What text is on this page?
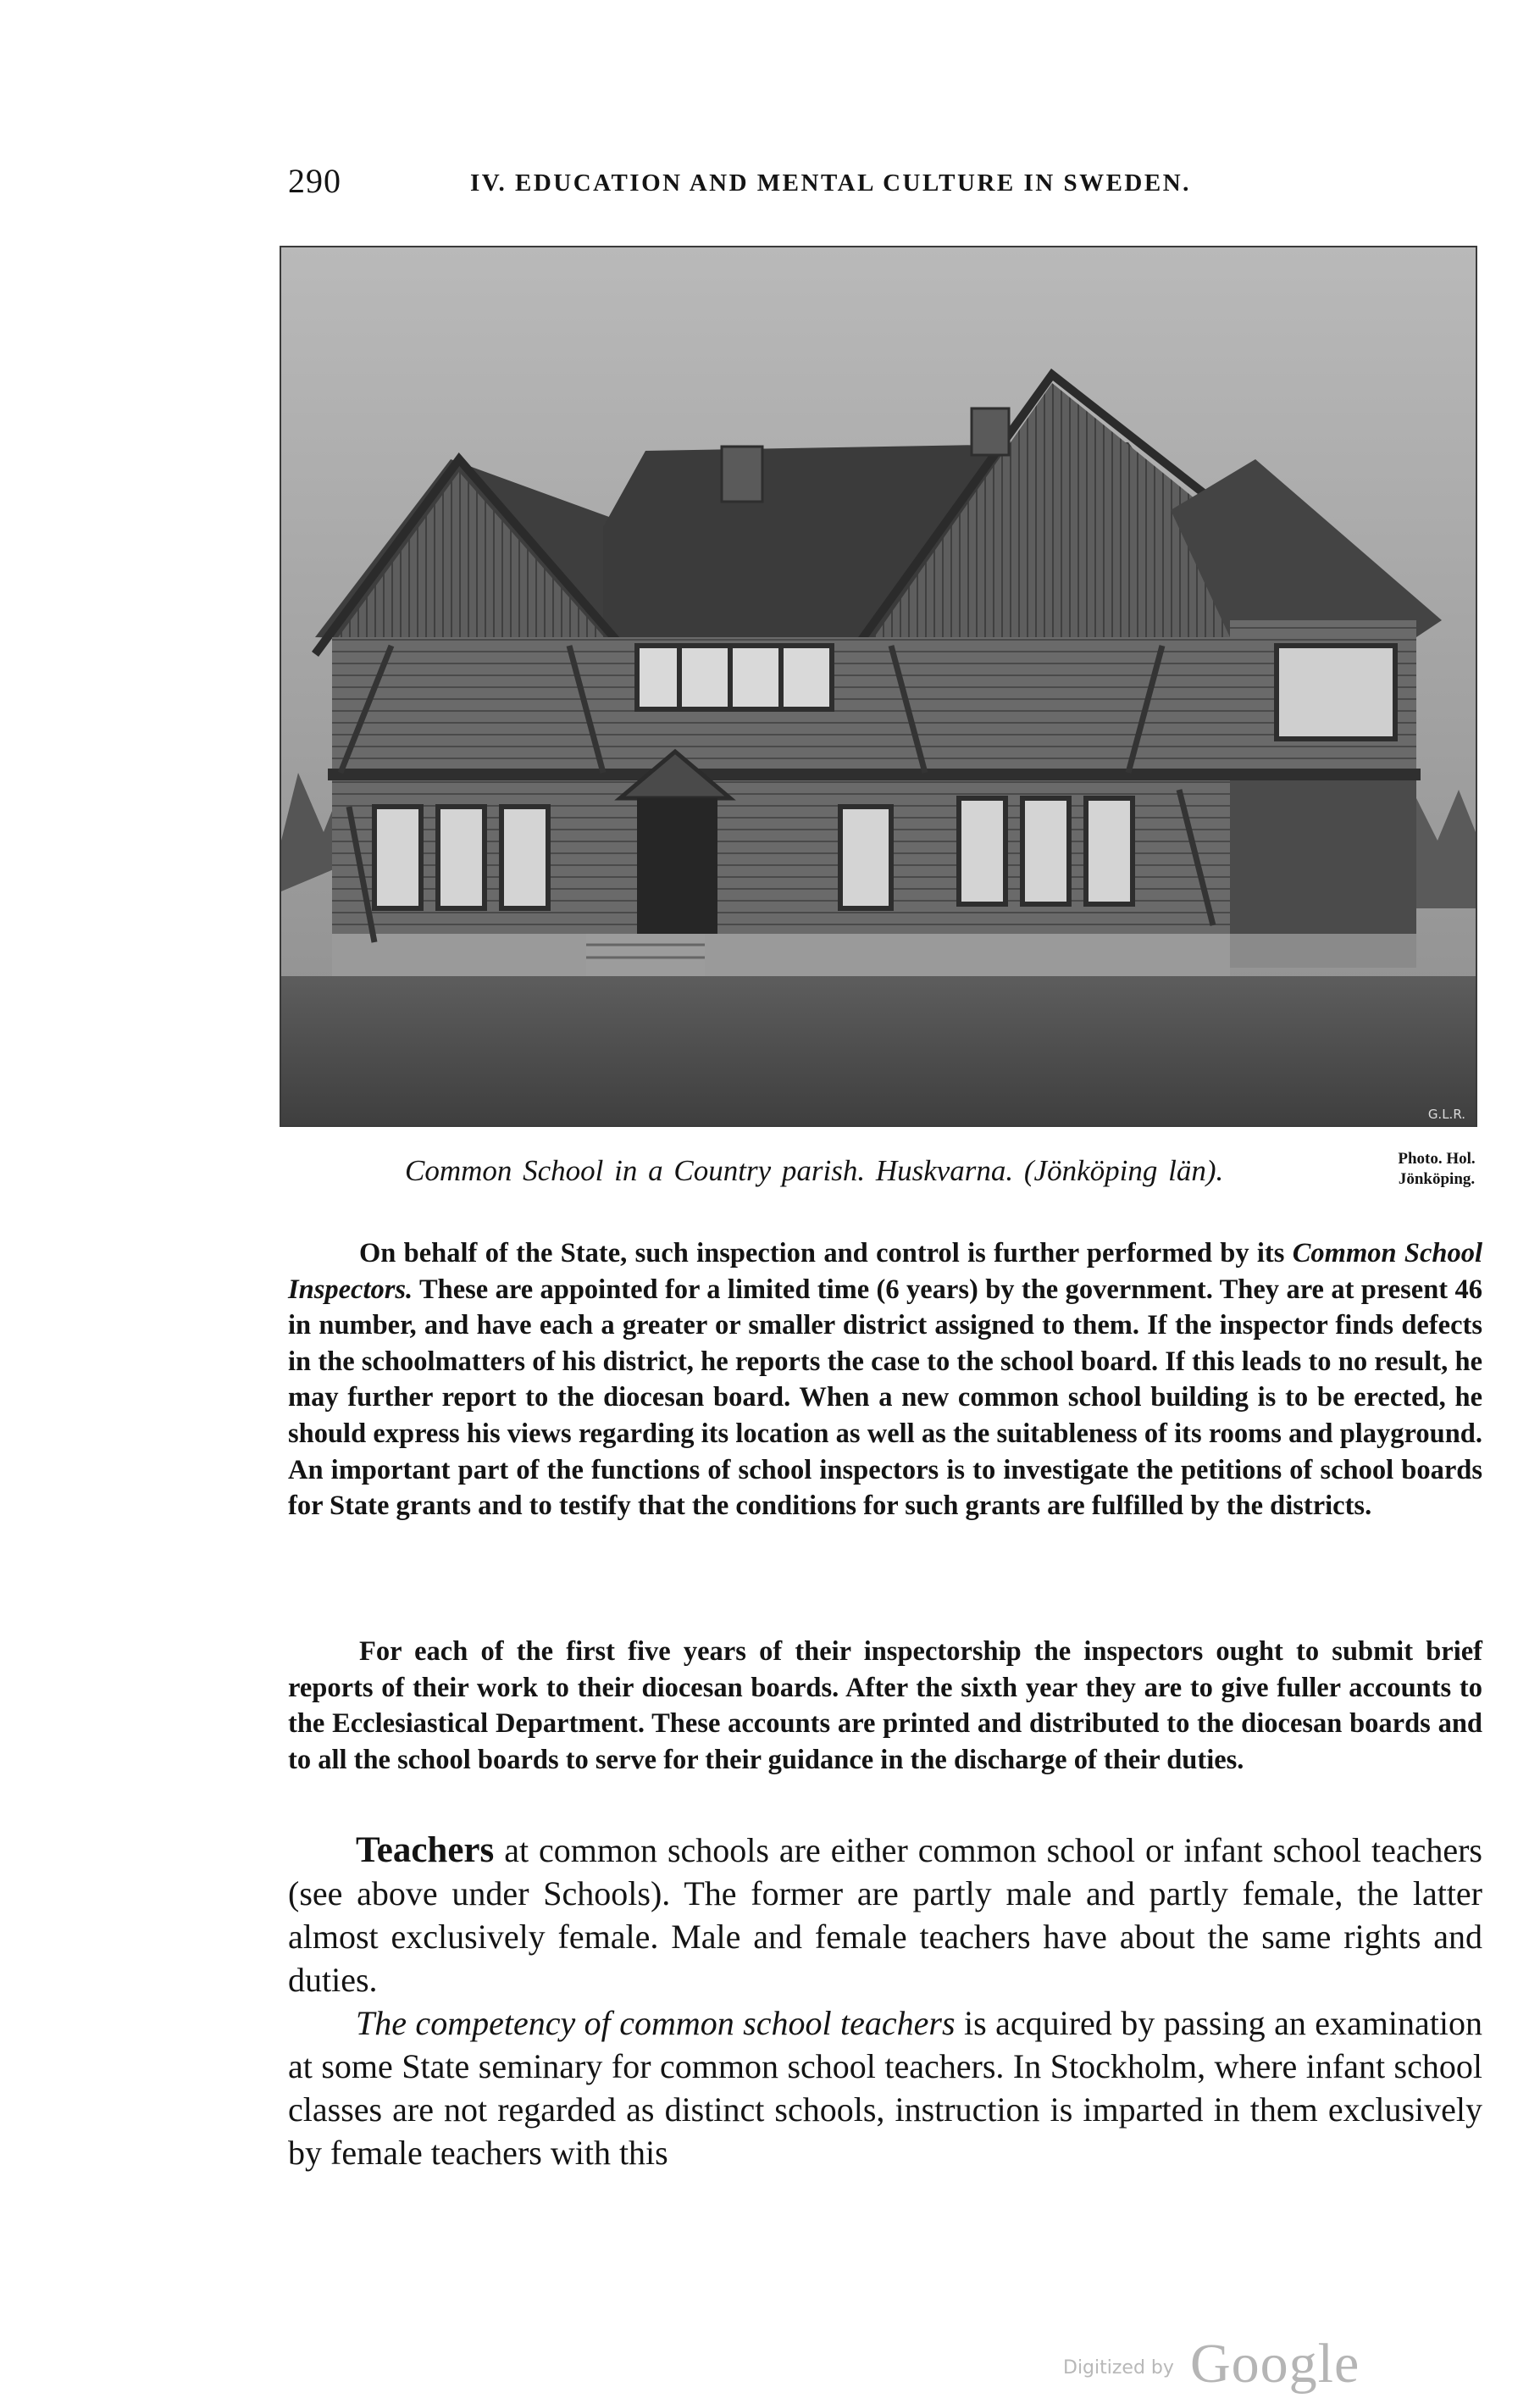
290	IV. EDUCATION AND MENTAL CULTURE IN SWEDEN.
G.L.R.
Common School in a Country parish. Huskvarna. (Jönköping län).	Photo. Hol.
Jönköping.

On behalf of the State, such inspection and control is further performed by its Common School Inspectors. These are appointed for a limited time (6 years) by the government. They are at present 46 in number, and have each a greater or smaller district assigned to them. If the inspector finds defects in the schoolmatters of his district, he reports the case to the school board. If this leads to no result, he may further report to the diocesan board. When a new common school building is to be erected, he should express his views regarding its location as well as the suitableness of its rooms and playground. An important part of the functions of school inspectors is to investigate the petitions of school boards for State grants and to testify that the conditions for such grants are fulfilled by the districts.

For each of the first five years of their inspectorship the inspectors ought to submit brief reports of their work to their diocesan boards. After the sixth year they are to give fuller accounts to the Ecclesiastical Department. These accounts are printed and distributed to the diocesan boards and to all the school boards to serve for their guidance in the discharge of their duties.

Teachers at common schools are either common school or infant school teachers (see above under Schools). The former are partly male and partly female, the latter almost exclusively female. Male and female teachers have about the same rights and duties.

The competency of common school teachers is acquired by passing an examination at some State seminary for common school teachers. In Stockholm, where infant school classes are not regarded as distinct schools, instruction is imparted in them exclusively by female teachers with this

Digitized by Google
